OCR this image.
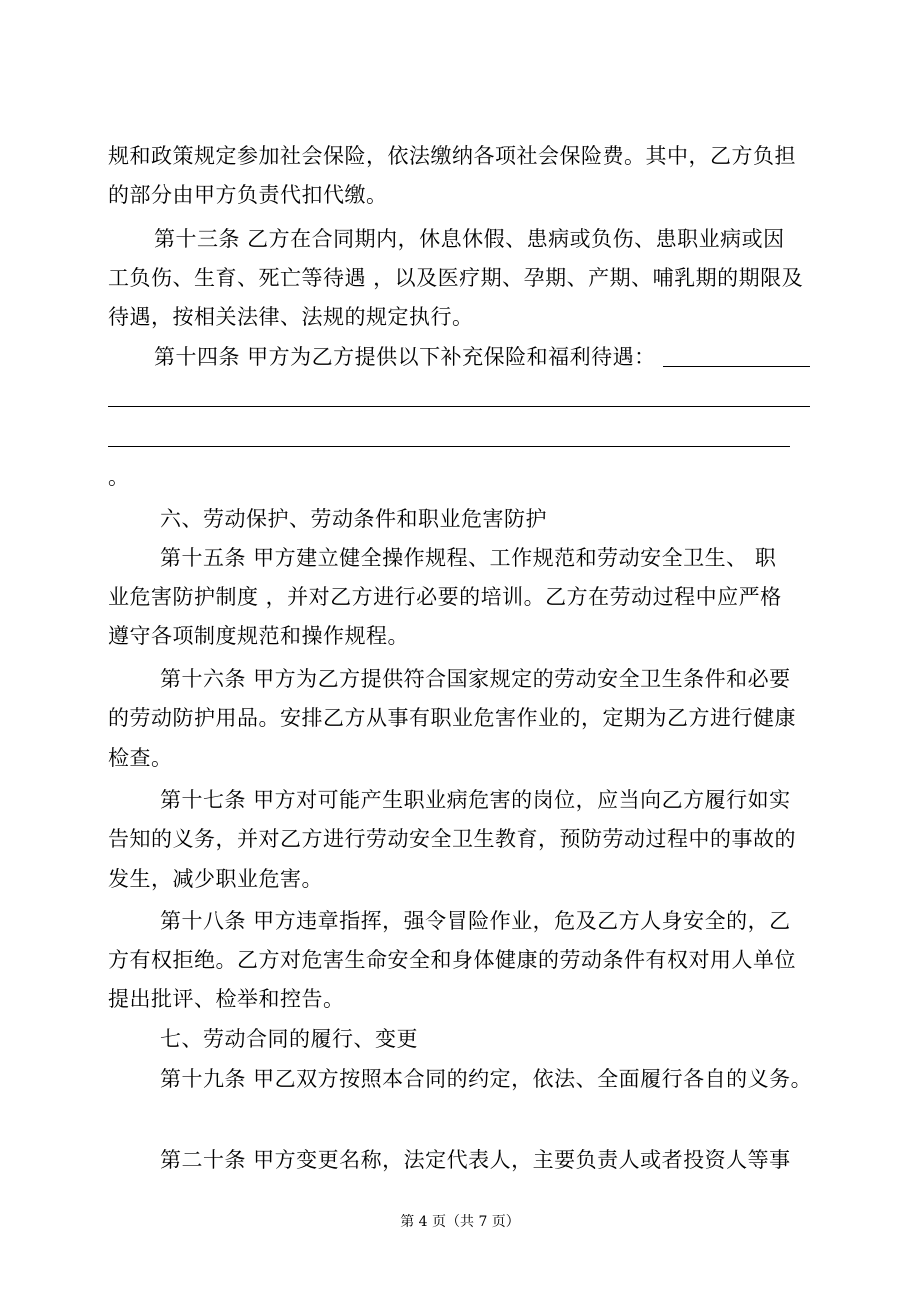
规和政策规定参加社会保险，依法缴纳各项社会保险费。其中，乙方负担
的部分由甲方负责代扣代缴。
第十三条 乙方在合同期内，休息休假、患病或负伤、患职业病或因
工负伤、生育、死亡等待遇 ，以及医疗期、孕期、产期、哺乳期的期限及
待遇，按相关法律、法规的规定执行。
第十四条 甲方为乙方提供以下补充保险和福利待遇：
。
六、劳动保护、劳动条件和职业危害防护
第十五条 甲方建立健全操作规程、工作规范和劳动安全卫生、 职
业危害防护制度 ，并对乙方进行必要的培训。乙方在劳动过程中应严格
遵守各项制度规范和操作规程。
第十六条 甲方为乙方提供符合国家规定的劳动安全卫生条件和必要
的劳动防护用品。安排乙方从事有职业危害作业的，定期为乙方进行健康
检查。
第十七条 甲方对可能产生职业病危害的岗位，应当向乙方履行如实
告知的义务，并对乙方进行劳动安全卫生教育，预防劳动过程中的事故的
发生，减少职业危害。
第十八条 甲方违章指挥，强令冒险作业，危及乙方人身安全的，乙
方有权拒绝。乙方对危害生命安全和身体健康的劳动条件有权对用人单位
提出批评、检举和控告。
七、劳动合同的履行、变更
第十九条 甲乙双方按照本合同的约定，依法、全面履行各自的义务。
第二十条 甲方变更名称，法定代表人，主要负责人或者投资人等事
第 4 页（共 7 页）
